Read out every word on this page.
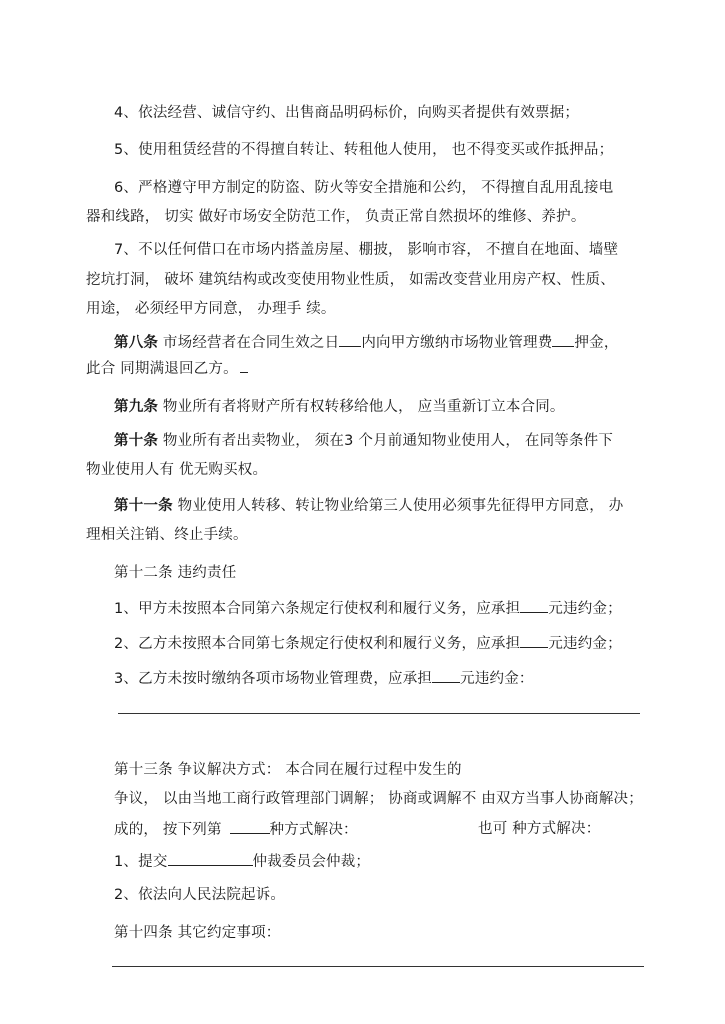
4、依法经营、诚信守约、出售商品明码标价，向购买者提供有效票据；
5、使用租赁经营的不得擅自转让、转租他人使用， 也不得变买或作抵押品；
6、严格遵守甲方制定的防盗、防火等安全措施和公约， 不得擅自乱用乱接电
器和线路， 切实 做好市场安全防范工作， 负责正常自然损坏的维修、养护。
7、不以任何借口在市场内搭盖房屋、棚披， 影响市容， 不擅自在地面、墙壁
挖坑打洞， 破坏 建筑结构或改变使用物业性质， 如需改变营业用房产权、性质、
用途， 必须经甲方同意， 办理手 续。
第八条 市场经营者在合同生效之日 内向甲方缴纳市场物业管理费 押金，
此合 同期满退回乙方。
第九条 物业所有者将财产所有权转移给他人， 应当重新订立本合同。
第十条 物业所有者出卖物业， 须在3 个月前通知物业使用人， 在同等条件下
物业使用人有 优无购买权。
第十一条 物业使用人转移、转让物业给第三人使用必须事先征得甲方同意， 办
理相关注销、终止手续。
第十二条 违约责任
1、甲方未按照本合同第六条规定行使权利和履行义务，应承担 元违约金；
2、乙方未按照本合同第七条规定行使权利和履行义务，应承担 元违约金；
3、乙方未按时缴纳各项市场物业管理费，应承担 元违约金：
第十三条 争议解决方式： 本合同在履行过程中发生的
争议， 以由当地工商行政管理部门调解； 协商或调解不 由双方当事人协商解决；
成的， 按下列第	种方式解决：	也可 种方式解决：
1、提交	仲裁委员会仲裁；
2、依法向人民法院起诉。
第十四条 其它约定事项：
